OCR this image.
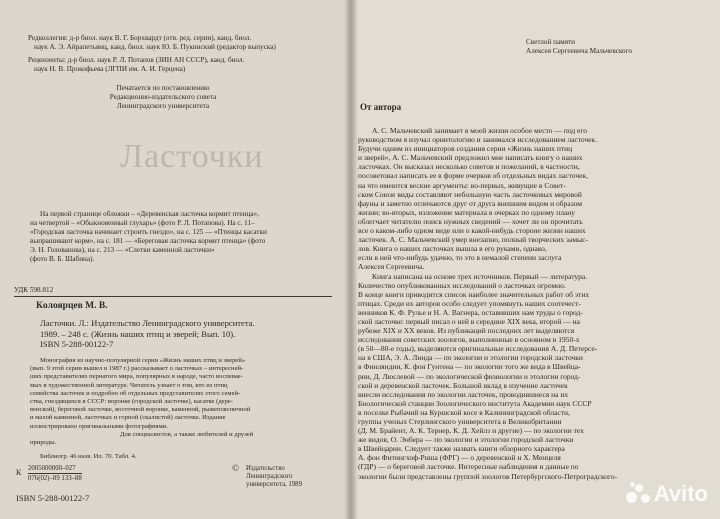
Редколлегия: д-р биол. наук В. Г. Борхвардт (отв. ред. серии), канд. биол.
наук А. Э. Айрапетьянц, канд. биол. наук Ю. Б. Пукинский (редактор выпуска)
Рецензенты: д-р биол. наук Р. Л. Потапов (ЗИН АН СССР), канд. биол.
наук Н. В. Прокофьева (ЛГПИ им. А. И. Герцена)
Печатается по постановлению
Редакционно-издательского совета
Ленинградского университета
Ласточки
На первой странице обложки – «Деревенская ласточка кормит птенца»,
на четвертой – «Обыкновенный глухарь» (фото Р. Л. Потапова). На с. 11–
«Городская ласточка начинает строить гнездо», на с. 125 — «Птенцы касатки
выпрашивают корм», на с. 181 — «Береговая ласточка кормит птенца» (фото
Э. Н. Голованова), на с. 213 — «Слетки каменной ласточки»
(фото В. Б. Шабина).
УДК 598.812
Кoлоярцев М. В.
Ласточки. Л.: Издательство Ленинградского университета.
1989. – 248 с. (Жизнь наших птиц и зверей; Вып. 10).
ISBN 5-288-00122-7
Монография из научно-популярной серии «Жизнь наших птиц и зверей»
(вып. 9 этой серии вышел в 1987 г.) рассказывает о ласточках – интересней-
ших представителях пернатого мира, популярных в народе, часто воспевае-
мых в художественной литературе. Читатель узнает о том, кто из птиц
семейства ласточек и подробно об отдельных представителях этого семей-
ства, гнездящихся в СССР: воронке (городской ласточке), касатке (дере-
венской), береговой ласточке, восточной воронке, каменной, рыжепоясничной
и малой каменной, ласточках и горной (скалистой) ласточке. Издание
иллюстрировано оригинальными фотографиями.
Для специалистов, а также любителей и друзей
природы.
Библиогр. 46 назв. Ил. 70. Табл. 4.
К 2005000000–027
076(02)–89 133–88
ISBN 5-288-00122-7
© Издательство
Ленинградского
университета, 1989
Светлой памяти
Алексея Сергеевича Мальчевского
От автора
А. С. Мальчевский занимает в моей жизни особое место — под его
руководством я изучал орнитологию и занимался исследованием ласточек.
Будучи одним из инициаторов создания серии «Жизнь наших птиц
и зверей», А. С. Мальчевский предложил мне написать книгу о наших
ласточках. Он высказал несколько советов и пожеланий, в частности,
посоветовал написать ее в форме очерков об отдельных видах ласточек,
на что имеются веские аргументы: во-первых, живущие в Совет-
ском Союзе виды составляют небольшую часть ласточковых мировой
фауны и заметно отличаются друг от друга внешним видом и образом
жизни; во-вторых, изложение материала в очерках по одному плану
облегчает читателю поиск нужных сведений — хочет ли он прочитать
все о каком-либо одном виде или о какой-нибудь стороне жизни наших
ласточек. А. С. Мальчевский умер внезапно, полный творческих замыс-
лов. Книга о наших ласточках вышла в его руками, однако,
если в ней что-нибудь удачно, то это в немалой степени заслуга
Алексея Сергеевича.
Книга написана на основе трех источников. Первый — литература.
Количество опубликованных исследований о ласточках огромно.
В конце книги приводится список наиболее значительных работ об этих
птицах. Среди их авторов особо следует упомянуть наших соотечест-
венников К. Ф. Рулье и Н. А. Вагнера, оставивших нам труды о город-
ской ласточке: первый писал о ней в середине XIX века, второй — на
рубеже XIX и XX веков. Из публикаций последних лет выделяются
исследования советских зоологов, выполненные в основном в 1950-х
(в 50—80-е годы), выделяются оригинальные исследования А. Д. Петерсе-
на в США, Э. А. Линда — по экологии и этологии городской ласточки
в Финляндии, К. фон Гунтена — по экологии того же вида в Швейца-
рии, Д. Люслевой — по экологической физиологии и этологии город-
ской и деревенской ласточек. Большой вклад в изучение ласточек
внесли исследования по экологии ласточек, проводившиеся на их
Биологической станции Зоологического института Академии наук СССР
в поселке Рыбачий на Куршской косе в Калининградской области,
группы ученых Стерлингского университета в Великобритании
(Д. М. Брайент, А. К. Тернер, К. Д. Хейлз и другие) — по экологии тех
же видов, О. Энбера — по экологии и этологии городской ласточки
в Швейцарии. Следует также назвать книги обзорного характера
А. фон Фитингхоф-Риша (ФРГ) — о деревенской и Х. Менцеля
(ГДР) — о береговой ласточке. Интересные наблюдения и данные по
экологии были представлены группой зоологов Петербургского-Петроградского-
Avito
